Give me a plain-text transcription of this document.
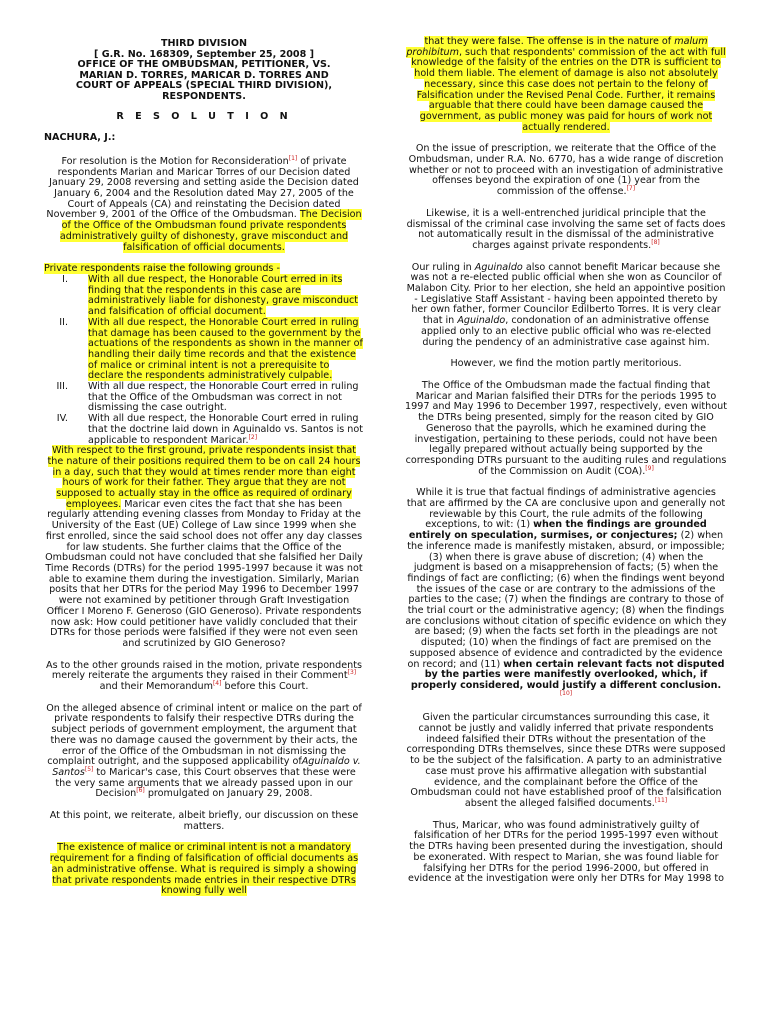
THIRD DIVISION
[ G.R. No. 168309, September 25, 2008 ]
OFFICE OF THE OMBUDSMAN, PETITIONER, VS.
MARIAN D. TORRES, MARICAR D. TORRES AND
COURT OF APPEALS (SPECIAL THIRD DIVISION),
RESPONDENTS.

R E S O L U T I O N

NACHURA, J.:

For resolution is the Motion for Reconsideration[1] of private respondents Marian and Maricar Torres of our Decision dated January 29, 2008 reversing and setting aside the Decision dated January 6, 2004 and the Resolution dated May 27, 2005 of the Court of Appeals (CA) and reinstating the Decision dated November 9, 2001 of the Office of the Ombudsman. The Decision of the Office of the Ombudsman found private respondents administratively guilty of dishonesty, grave misconduct and falsification of official documents.

Private respondents raise the following grounds -

I. With all due respect, the Honorable Court erred in its finding that the respondents in this case are administratively liable for dishonesty, grave misconduct and falsification of official document.
II. With all due respect, the Honorable Court erred in ruling that damage has been caused to the government by the actuations of the respondents as shown in the manner of handling their daily time records and that the existence of malice or criminal intent is not a prerequisite to declare the respondents administratively culpable.
III. With all due respect, the Honorable Court erred in ruling that the Office of the Ombudsman was correct in not dismissing the case outright.
IV. With all due respect, the Honorable Court erred in ruling that the doctrine laid down in Aguinaldo vs. Santos is not applicable to respondent Maricar.[2]

With respect to the first ground, private respondents insist that the nature of their positions required them to be on call 24 hours in a day, such that they would at times render more than eight hours of work for their father. They argue that they are not supposed to actually stay in the office as required of ordinary employees. Maricar even cites the fact that she has been regularly attending evening classes from Monday to Friday at the University of the East (UE) College of Law since 1999 when she first enrolled, since the said school does not offer any day classes for law students. She further claims that the Office of the Ombudsman could not have concluded that she falsified her Daily Time Records (DTRs) for the period 1995-1997 because it was not able to examine them during the investigation. Similarly, Marian posits that her DTRs for the period May 1996 to December 1997 were not examined by petitioner through Graft Investigation Officer I Moreno F. Generoso (GIO Generoso). Private respondents now ask: How could petitioner have validly concluded that their DTRs for those periods were falsified if they were not even seen and scrutinized by GIO Generoso?

As to the other grounds raised in the motion, private respondents merely reiterate the arguments they raised in their Comment[3] and their Memorandum[4] before this Court.

On the alleged absence of criminal intent or malice on the part of private respondents to falsify their respective DTRs during the subject periods of government employment, the argument that there was no damage caused the government by their acts, the error of the Office of the Ombudsman in not dismissing the complaint outright, and the supposed applicability ofAguinaldo v. Santos[5] to Maricar's case, this Court observes that these were the very same arguments that we already passed upon in our Decision[6] promulgated on January 29, 2008.

At this point, we reiterate, albeit briefly, our discussion on these matters.

The existence of malice or criminal intent is not a mandatory requirement for a finding of falsification of official documents as an administrative offense. What is required is simply a showing that private respondents made entries in their respective DTRs knowing fully well

that they were false. The offense is in the nature of malum prohibitum, such that respondents' commission of the act with full knowledge of the falsity of the entries on the DTR is sufficient to hold them liable. The element of damage is also not absolutely necessary, since this case does not pertain to the felony of Falsification under the Revised Penal Code. Further, it remains arguable that there could have been damage caused the government, as public money was paid for hours of work not actually rendered.

On the issue of prescription, we reiterate that the Office of the Ombudsman, under R.A. No. 6770, has a wide range of discretion whether or not to proceed with an investigation of administrative offenses beyond the expiration of one (1) year from the commission of the offense.[7]

Likewise, it is a well-entrenched juridical principle that the dismissal of the criminal case involving the same set of facts does not automatically result in the dismissal of the administrative charges against private respondents.[8]

Our ruling in Aguinaldo also cannot benefit Maricar because she was not a re-elected public official when she won as Councilor of Malabon City. Prior to her election, she held an appointive position - Legislative Staff Assistant - having been appointed thereto by her own father, former Councilor Edilberto Torres. It is very clear that in Aguinaldo, condonation of an administrative offense applied only to an elective public official who was re-elected during the pendency of an administrative case against him.

However, we find the motion partly meritorious.

The Office of the Ombudsman made the factual finding that Maricar and Marian falsified their DTRs for the periods 1995 to 1997 and May 1996 to December 1997, respectively, even without the DTRs being presented, simply for the reason cited by GIO Generoso that the payrolls, which he examined during the investigation, pertaining to these periods, could not have been legally prepared without actually being supported by the corresponding DTRs pursuant to the auditing rules and regulations of the Commission on Audit (COA).[9]

While it is true that factual findings of administrative agencies that are affirmed by the CA are conclusive upon and generally not reviewable by this Court, the rule admits of the following exceptions, to wit: (1) when the findings are grounded entirely on speculation, surmises, or conjectures; (2) when the inference made is manifestly mistaken, absurd, or impossible; (3) when there is grave abuse of discretion; (4) when the judgment is based on a misapprehension of facts; (5) when the findings of fact are conflicting; (6) when the findings went beyond the issues of the case or are contrary to the admissions of the parties to the case; (7) when the findings are contrary to those of the trial court or the administrative agency; (8) when the findings are conclusions without citation of specific evidence on which they are based; (9) when the facts set forth in the pleadings are not disputed; (10) when the findings of fact are premised on the supposed absence of evidence and contradicted by the evidence on record; and (11) when certain relevant facts not disputed by the parties were manifestly overlooked, which, if properly considered, would justify a different conclusion.[10]

Given the particular circumstances surrounding this case, it cannot be justly and validly inferred that private respondents indeed falsified their DTRs without the presentation of the corresponding DTRs themselves, since these DTRs were supposed to be the subject of the falsification. A party to an administrative case must prove his affirmative allegation with substantial evidence, and the complainant before the Office of the Ombudsman could not have established proof of the falsification absent the alleged falsified documents.[11]

Thus, Maricar, who was found administratively guilty of falsification of her DTRs for the period 1995-1997 even without the DTRs having been presented during the investigation, should be exonerated. With respect to Marian, she was found liable for falsifying her DTRs for the period 1996-2000, but offered in evidence at the investigation were only her DTRs for May 1998 to
